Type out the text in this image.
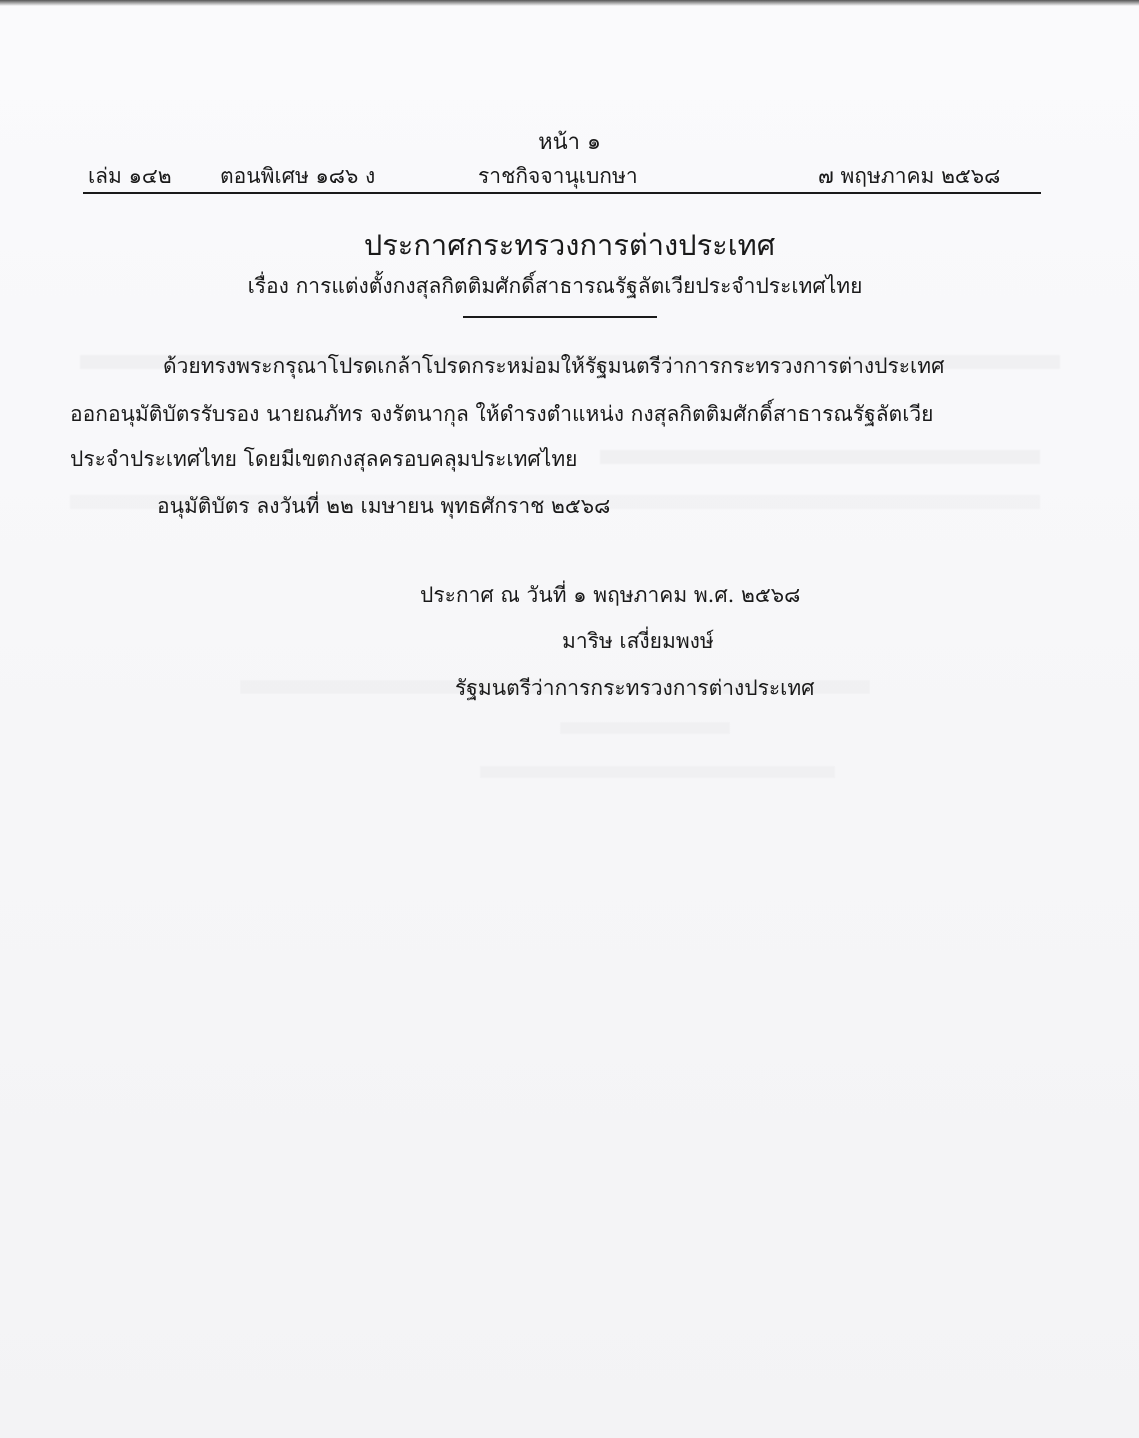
หน้า ๑
เล่ม ๑๔๒ ตอนพิเศษ ๑๘๖ ง	ราชกิจจานุเบกษา	๗ พฤษภาคม ๒๕๖๘
ประกาศกระทรวงการต่างประเทศ
เรื่อง การแต่งตั้งกงสุลกิตติมศักดิ์สาธารณรัฐลัตเวียประจำประเทศไทย
ด้วยทรงพระกรุณาโปรดเกล้าโปรดกระหม่อมให้รัฐมนตรีว่าการกระทรวงการต่างประเทศ
ออกอนุมัติบัตรรับรอง นายณภัทร จงรัตนากุล ให้ดำรงตำแหน่ง กงสุลกิตติมศักดิ์สาธารณรัฐลัตเวีย
ประจำประเทศไทย โดยมีเขตกงสุลครอบคลุมประเทศไทย
อนุมัติบัตร ลงวันที่ ๒๒ เมษายน พุทธศักราช ๒๕๖๘
ประกาศ ณ วันที่ ๑ พฤษภาคม พ.ศ. ๒๕๖๘
มาริษ เสงี่ยมพงษ์
รัฐมนตรีว่าการกระทรวงการต่างประเทศ
